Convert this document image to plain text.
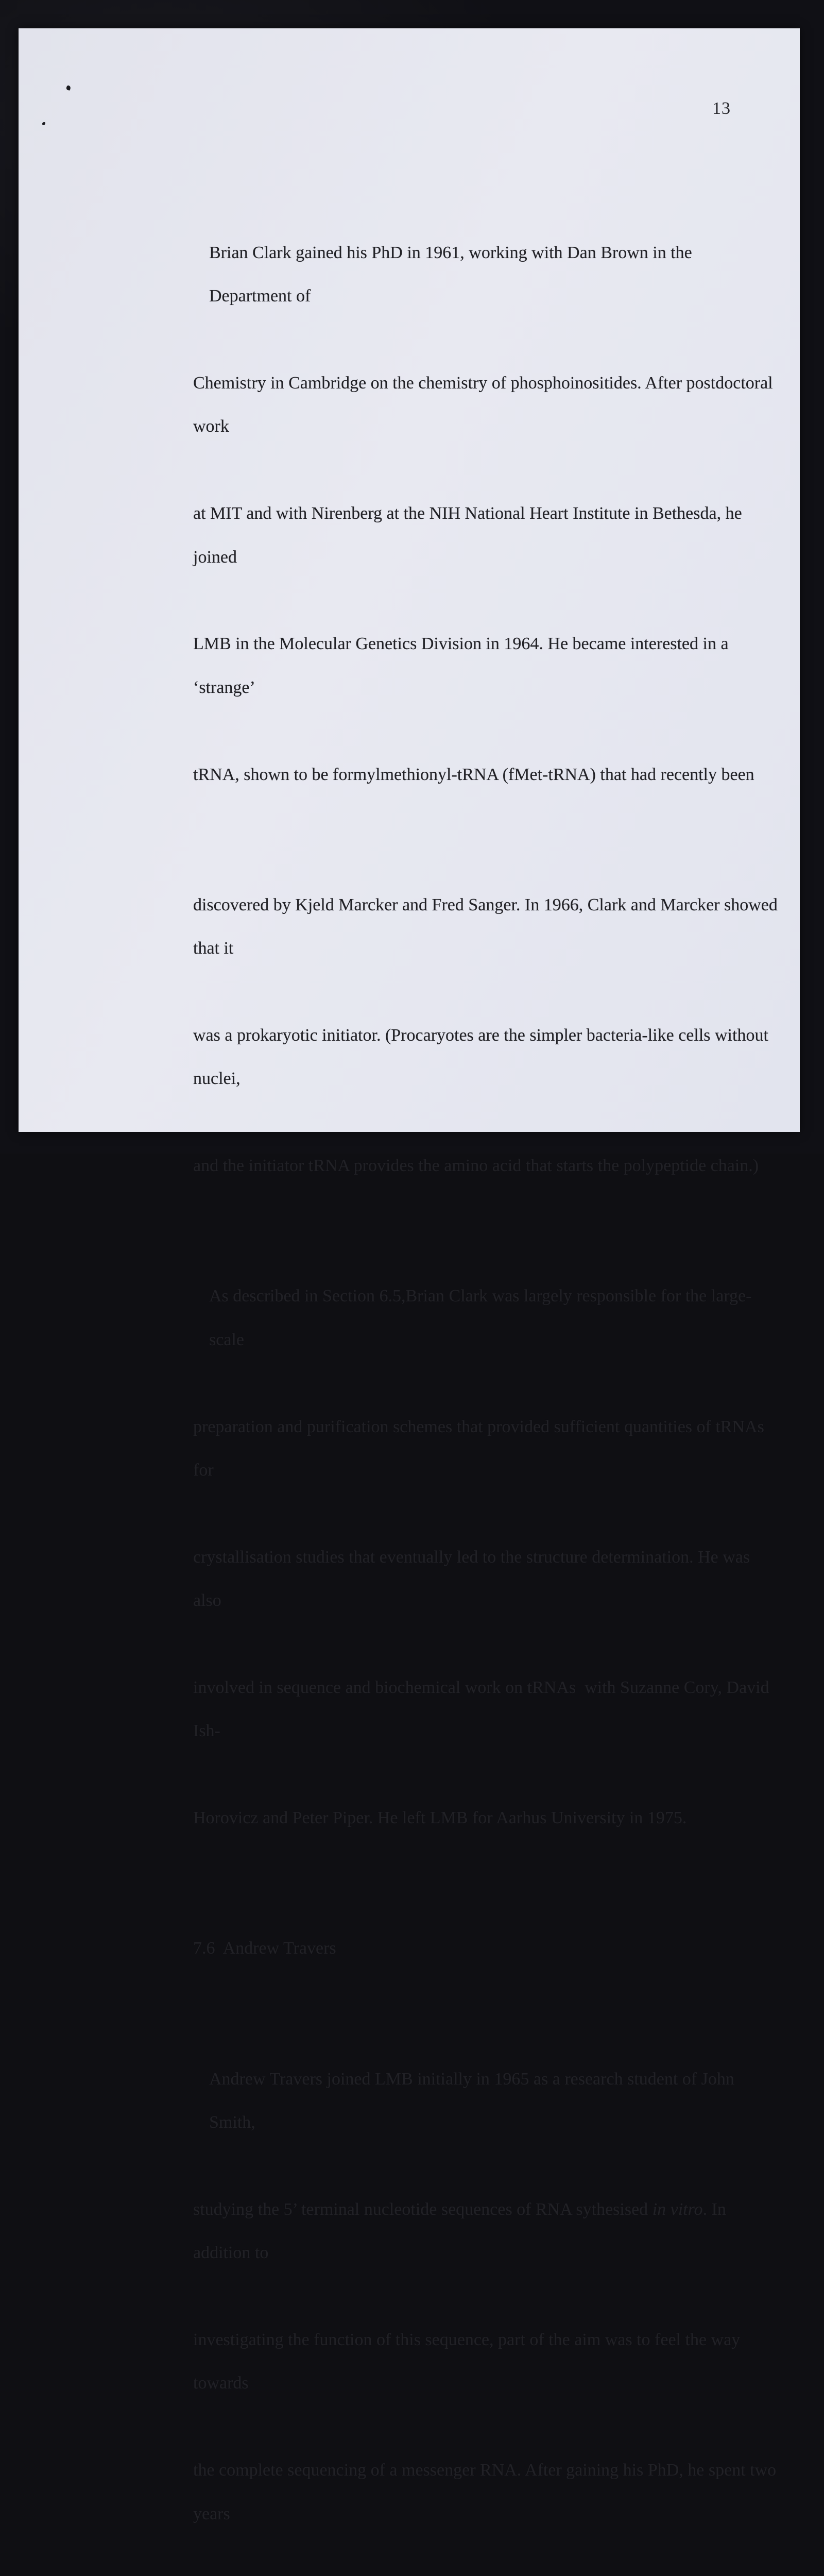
13

Brian Clark gained his PhD in 1961, working with Dan Brown in the Department of

Chemistry in Cambridge on the chemistry of phosphoinositides. After postdoctoral work

at MIT and with Nirenberg at the NIH National Heart Institute in Bethesda, he joined

LMB in the Molecular Genetics Division in 1964. He became interested in a ‘strange’

tRNA, shown to be formylmethionyl-tRNA (fMet-tRNA) that had recently been

discovered by Kjeld Marcker and Fred Sanger. In 1966, Clark and Marcker showed that it

was a prokaryotic initiator. (Procaryotes are the simpler bacteria-like cells without nuclei,

and the initiator tRNA provides the amino acid that starts the polypeptide chain.)

As described in Section 6.5,Brian Clark was largely responsible for the large-scale

preparation and purification schemes that provided sufficient quantities of tRNAs for

crystallisation studies that eventually led to the structure determination. He was also

involved in sequence and biochemical work on tRNAs  with Suzanne Cory, David Ish-

Horovicz and Peter Piper. He left LMB for Aarhus University in 1975.

7.6  Andrew Travers

Andrew Travers joined LMB initially in 1965 as a research student of John Smith,

studying the 5’ terminal nucleotide sequences of RNA sythesised in vitro. In addition to

investigating the function of this sequence, part of the aim was to feel the way towards

the complete sequencing of a messenger RNA. After gaining his PhD, he spent two years
